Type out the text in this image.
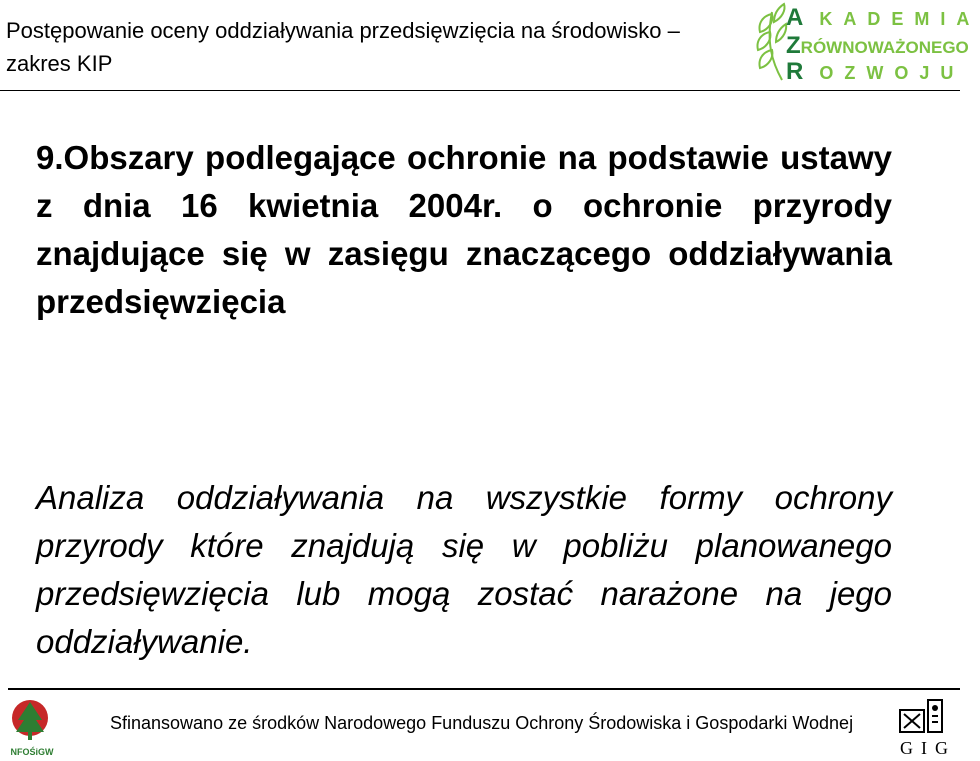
Postępowanie oceny oddziaływania przedsięwzięcia na środowisko – zakres KIP
A KADEMIA
ZRÓWNOWAŻONEGO
R OZWOJU

9.Obszary podlegające ochronie na podstawie ustawy z dnia 16 kwietnia 2004r. o ochronie przyrody znajdujące się w zasięgu znaczącego oddziaływania przedsięwzięcia

Analiza oddziaływania na wszystkie formy ochrony przyrody które znajdują się w pobliżu planowanego przedsięwzięcia lub mogą zostać narażone na jego oddziaływanie.

NFOŚiGW
Sfinansowano ze środków Narodowego Funduszu Ochrony Środowiska i Gospodarki Wodnej
GIG
